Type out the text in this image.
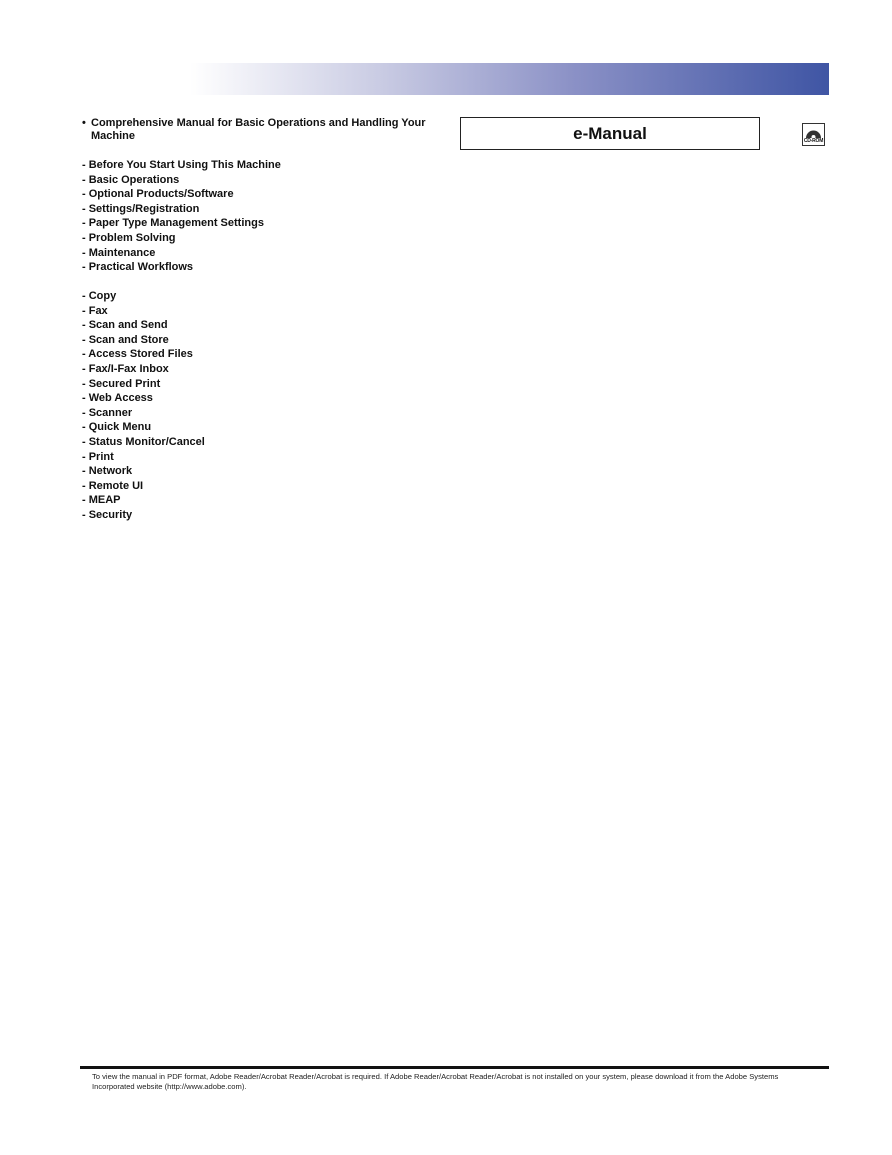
• Comprehensive Manual for Basic Operations and Handling Your Machine
- Before You Start Using This Machine
- Basic Operations
- Optional Products/Software
- Settings/Registration
- Paper Type Management Settings
- Problem Solving
- Maintenance
- Practical Workflows
- Copy
- Fax
- Scan and Send
- Scan and Store
- Access Stored Files
- Fax/I-Fax Inbox
- Secured Print
- Web Access
- Scanner
- Quick Menu
- Status Monitor/Cancel
- Print
- Network
- Remote UI
- MEAP
- Security
e-Manual	CD-ROM
To view the manual in PDF format, Adobe Reader/Acrobat Reader/Acrobat is required. If Adobe Reader/Acrobat Reader/Acrobat is not installed on your system, please download it from the Adobe Systems Incorporated website (http://www.adobe.com).
